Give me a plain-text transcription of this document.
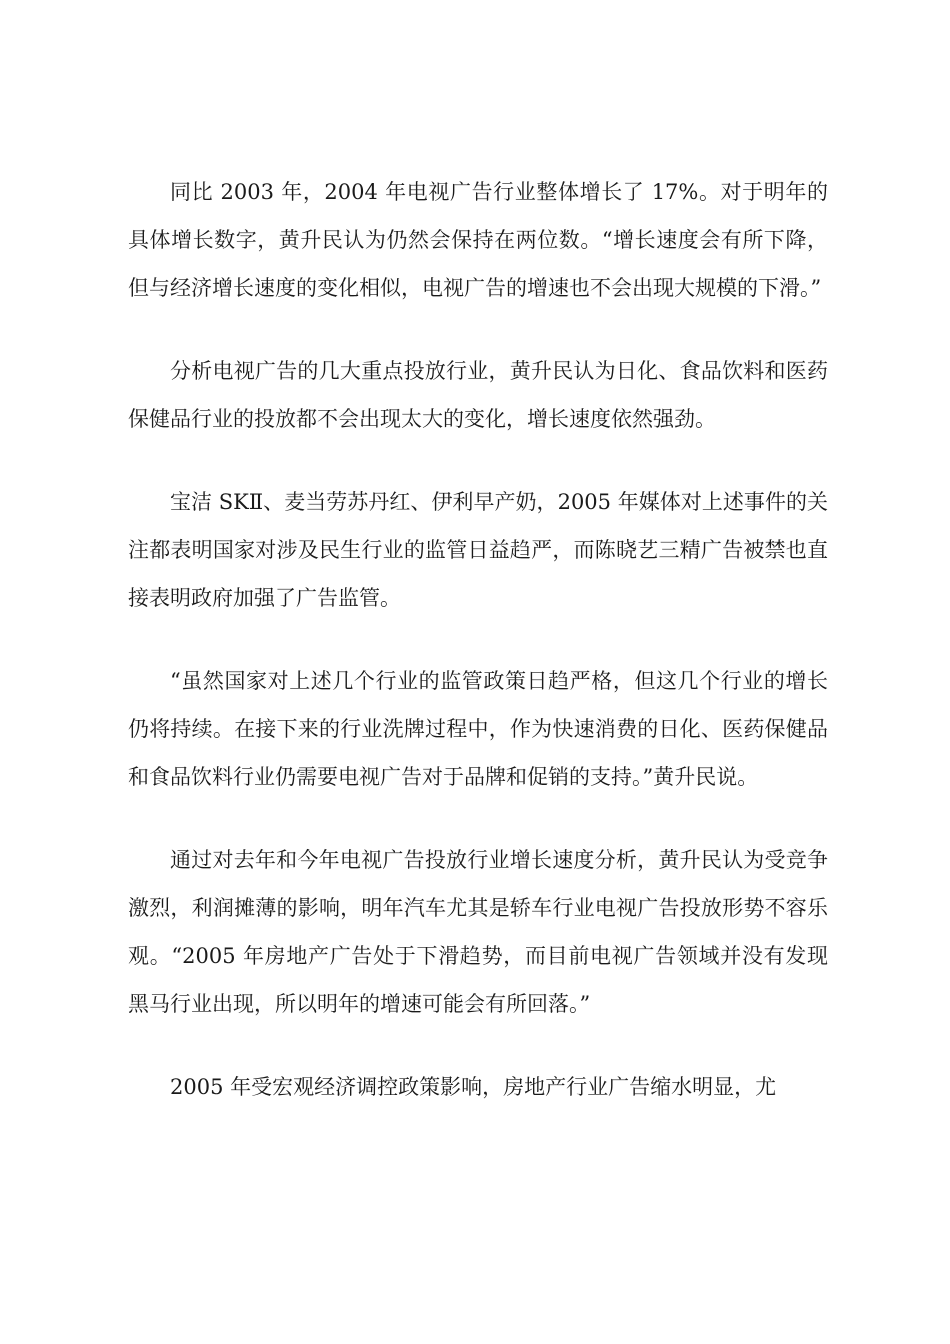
同比 2003 年，2004 年电视广告行业整体增长了 17%。对于明年的具体增长数字，黄升民认为仍然会保持在两位数。“增长速度会有所下降，但与经济增长速度的变化相似，电视广告的增速也不会出现大规模的下滑。”

分析电视广告的几大重点投放行业，黄升民认为日化、食品饮料和医药保健品行业的投放都不会出现太大的变化，增长速度依然强劲。

宝洁 SKⅡ、麦当劳苏丹红、伊利早产奶，2005 年媒体对上述事件的关注都表明国家对涉及民生行业的监管日益趋严，而陈晓艺三精广告被禁也直接表明政府加强了广告监管。

“虽然国家对上述几个行业的监管政策日趋严格，但这几个行业的增长仍将持续。在接下来的行业洗牌过程中，作为快速消费的日化、医药保健品和食品饮料行业仍需要电视广告对于品牌和促销的支持。”黄升民说。

通过对去年和今年电视广告投放行业增长速度分析，黄升民认为受竞争激烈，利润摊薄的影响，明年汽车尤其是轿车行业电视广告投放形势不容乐观。“2005 年房地产广告处于下滑趋势，而目前电视广告领域并没有发现黑马行业出现，所以明年的增速可能会有所回落。”

2005 年受宏观经济调控政策影响，房地产行业广告缩水明显，尤
